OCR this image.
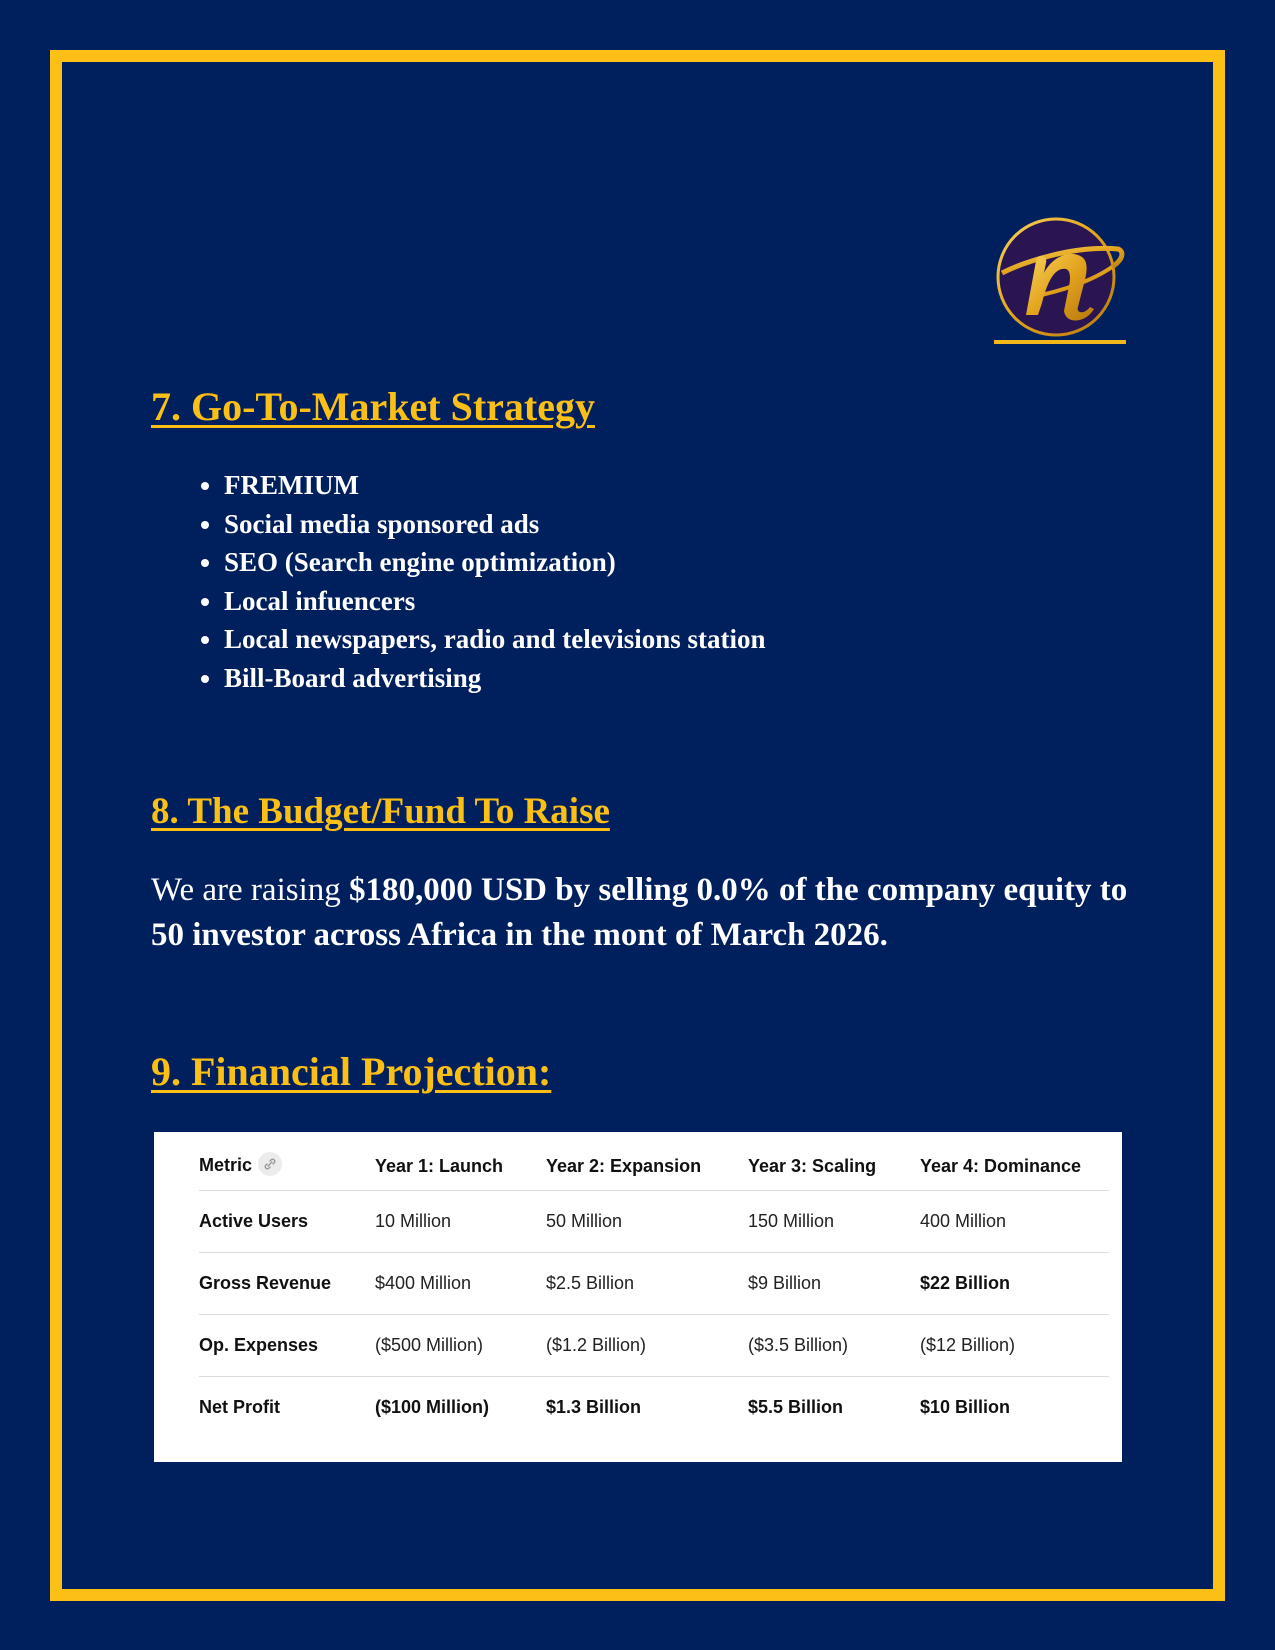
7. Go-To-Market Strategy
• FREMIUM
• Social media sponsored ads
• SEO (Search engine optimization)
• Local infuencers
• Local newspapers, radio and televisions station
• Bill-Board advertising
8. The Budget/Fund To Raise

We are raising $180,000 USD by selling 0.0% of the company equity to 50 investor across Africa in the mont of March 2026.

9. Financial Projection:
Metric	Year 1: Launch	Year 2: Expansion	Year 3: Scaling	Year 4: Dominance
Active Users	10 Million	50 Million	150 Million	400 Million
Gross Revenue	$400 Million	$2.5 Billion	$9 Billion	$22 Billion
Op. Expenses	($500 Million)	($1.2 Billion)	($3.5 Billion)	($12 Billion)
Net Profit	($100 Million)	$1.3 Billion	$5.5 Billion	$10 Billion
